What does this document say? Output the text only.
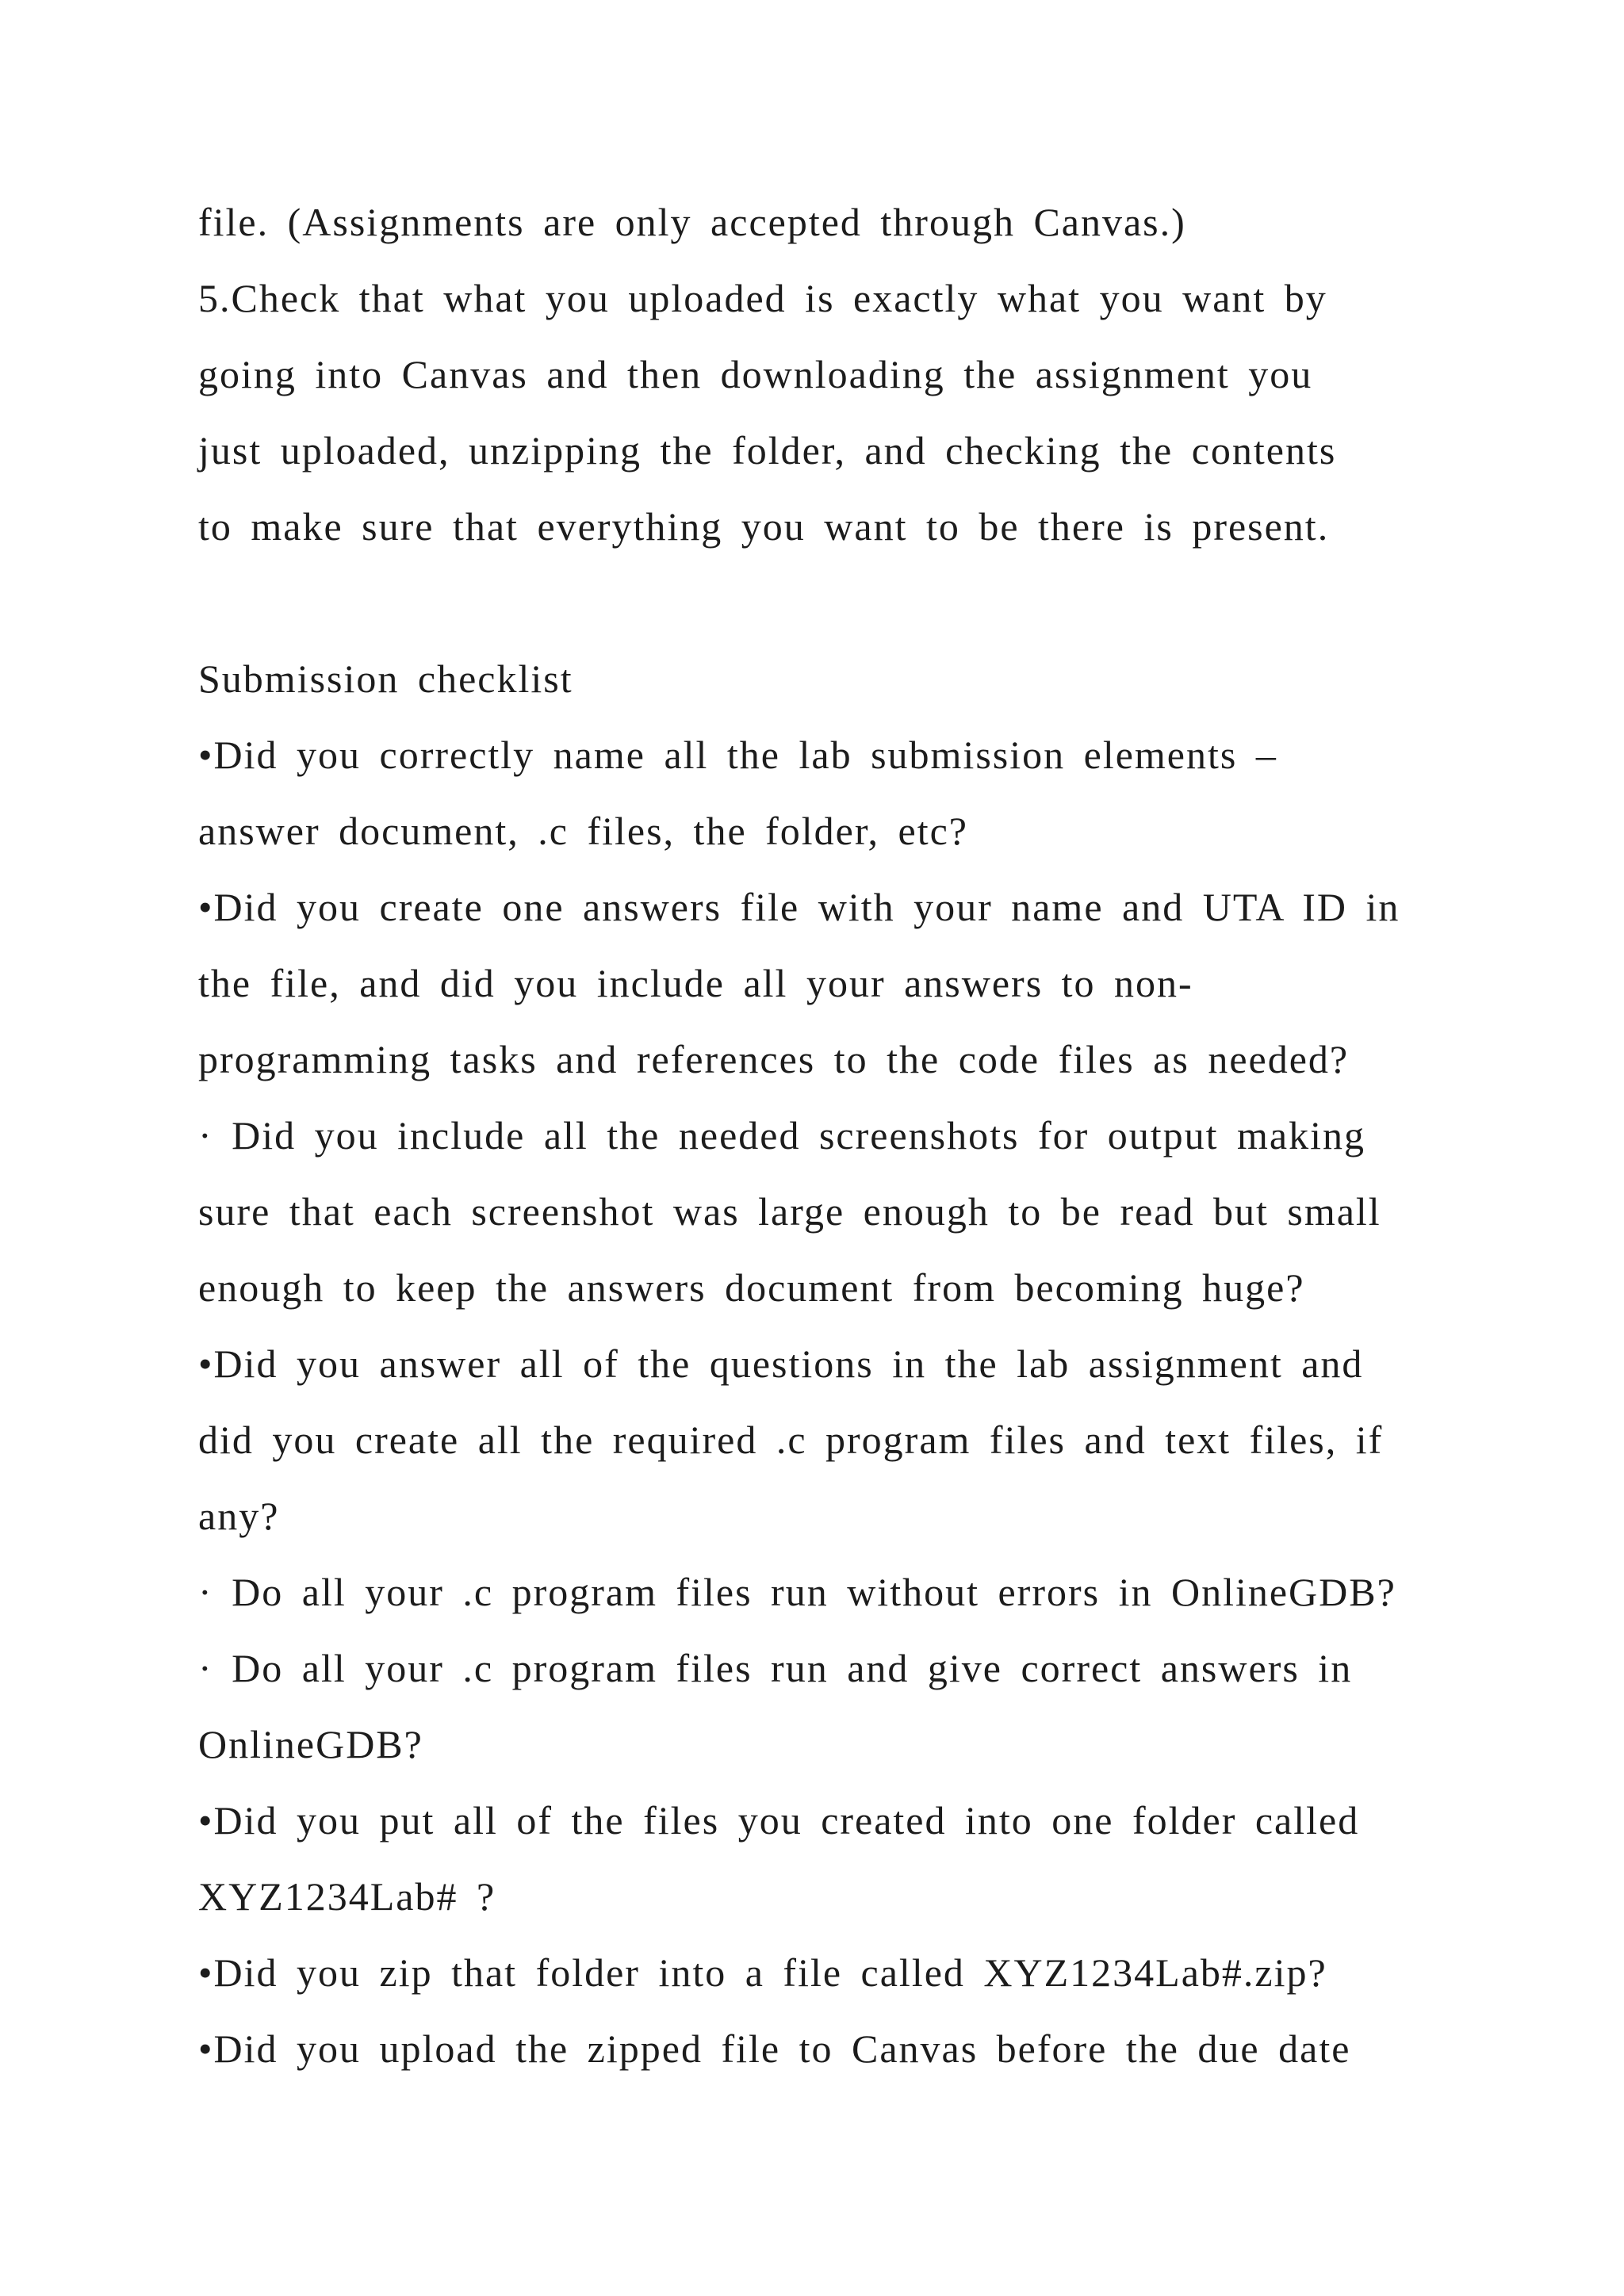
file. (Assignments are only accepted through Canvas.)
5.Check that what you uploaded is exactly what you want by
going into Canvas and then downloading the assignment you
just uploaded, unzipping the folder, and checking the contents
to make sure that everything you want to be there is present.
Submission checklist
•Did you correctly name all the lab submission elements –
answer document, .c files, the folder, etc?
•Did you create one answers file with your name and UTA ID in
the file, and did you include all your answers to non-
programming tasks and references to the code files as needed?
· Did you include all the needed screenshots for output making
sure that each screenshot was large enough to be read but small
enough to keep the answers document from becoming huge?
•Did you answer all of the questions in the lab assignment and
did you create all the required .c program files and text files, if
any?
· Do all your .c program files run without errors in OnlineGDB?
· Do all your .c program files run and give correct answers in
OnlineGDB?
•Did you put all of the files you created into one folder called
XYZ1234Lab# ?
•Did you zip that folder into a file called XYZ1234Lab#.zip?
•Did you upload the zipped file to Canvas before the due date
